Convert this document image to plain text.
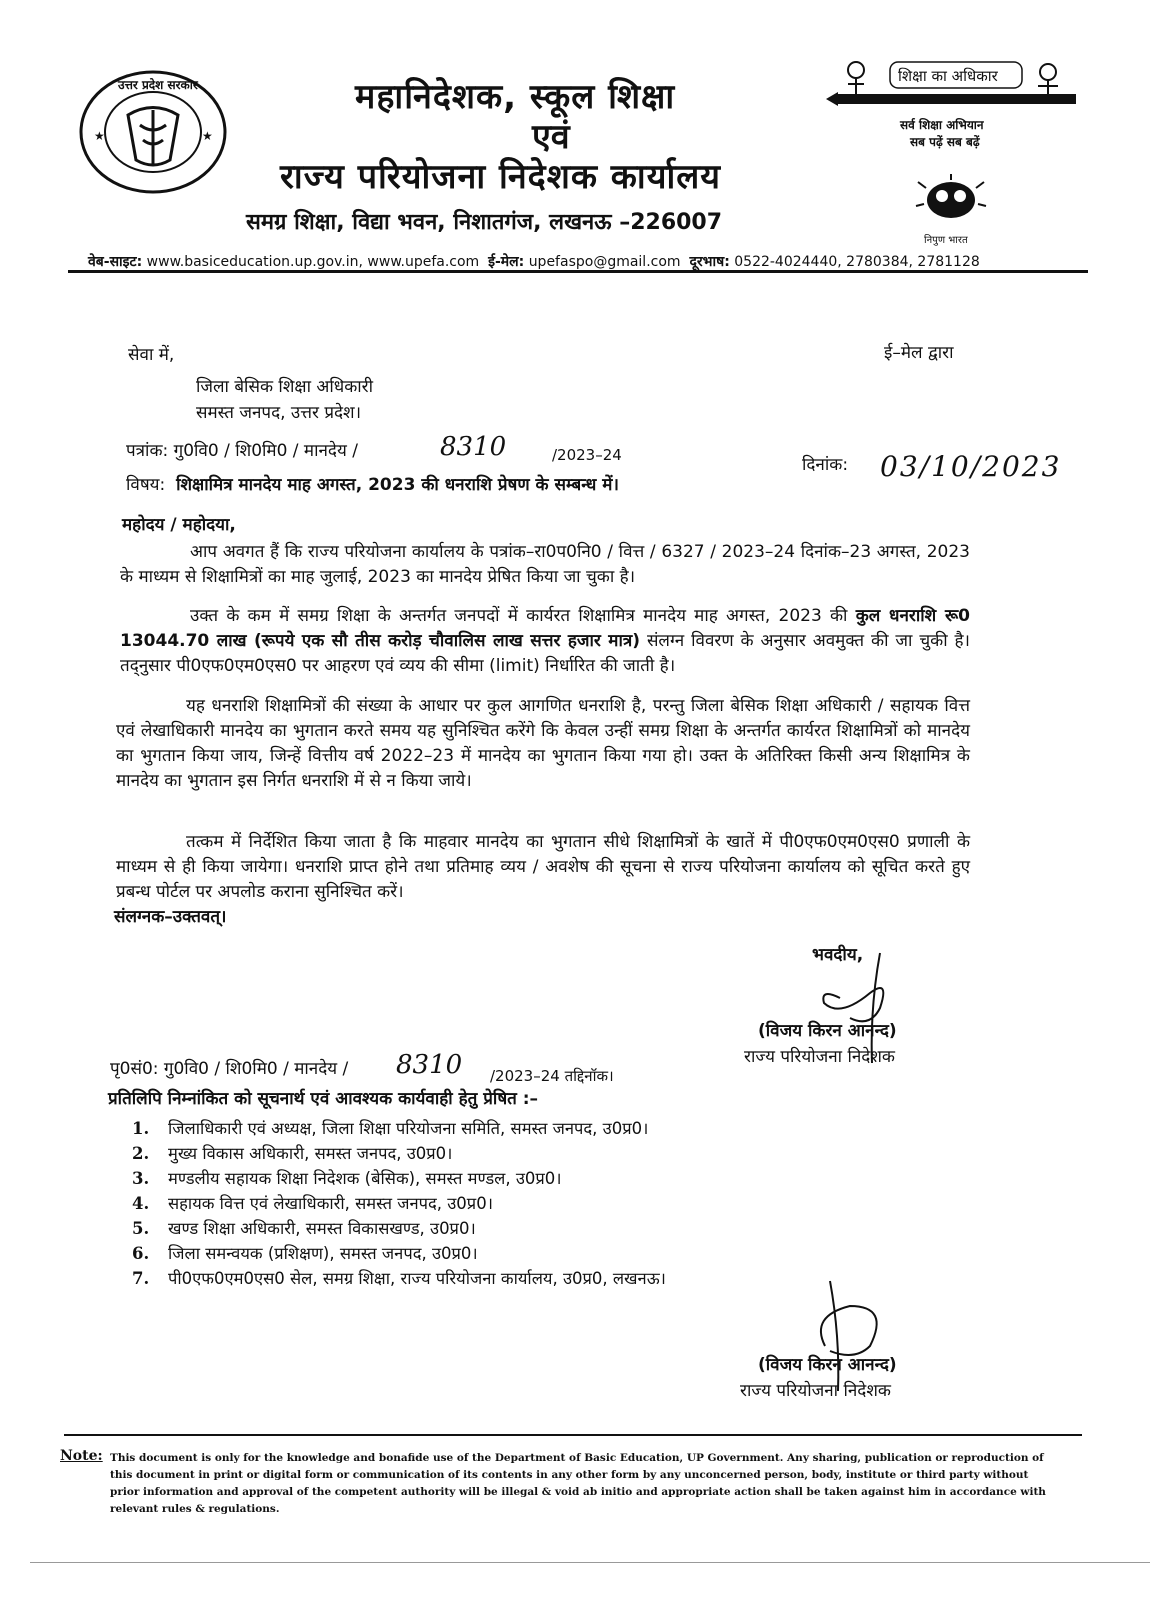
★	★
उत्तर प्रदेश सरकार	महानिदेशक, स्कूल शिक्षा
एवं
राज्य परियोजना निदेशक कार्यालय
समग्र शिक्षा, विद्या भवन, निशातगंज, लखनऊ –226007
शिक्षा का अधिकार
सर्व शिक्षा अभियान
सब पढ़ें सब बढ़ें
निपुण भारत
वेब-साइट: www.basiceducation.up.gov.in, www.upefa.com ई-मेल: upefaspo@gmail.com दूरभाष: 0522-4024440, 2780384, 2781128
सेवा में,	ई–मेल द्वारा
जिला बेसिक शिक्षा अधिकारी
समस्त जनपद, उत्तर प्रदेश।
पत्रांक: गु0वि0 / शि0मि0 / मानदेय /	8310	/2023–24	दिनांक: 03/10/2023
विषय: शिक्षामित्र मानदेय माह अगस्त, 2023 की धनराशि प्रेषण के सम्बन्ध में।
महोदय / महोदया,
आप अवगत हैं कि राज्य परियोजना कार्यालय के पत्रांक–रा0प0नि0 / वित्त / 6327 / 2023–24 दिनांक–23 अगस्त, 2023 के माध्यम से शिक्षामित्रों का माह जुलाई, 2023 का मानदेय प्रेषित किया जा चुका है।
उक्त के कम में समग्र शिक्षा के अन्तर्गत जनपदों में कार्यरत शिक्षामित्र मानदेय माह अगस्त, 2023 की कुल धनराशि रू0 13044.70 लाख (रूपये एक सौ तीस करोड़ चौवालिस लाख सत्तर हजार मात्र) संलग्न विवरण के अनुसार अवमुक्त की जा चुकी है। तद्नुसार पी0एफ0एम0एस0 पर आहरण एवं व्यय की सीमा (limit) निर्धारित की जाती है।
यह धनराशि शिक्षामित्रों की संख्या के आधार पर कुल आगणित धनराशि है, परन्तु जिला बेसिक शिक्षा अधिकारी / सहायक वित्त एवं लेखाधिकारी मानदेय का भुगतान करते समय यह सुनिश्चित करेंगे कि केवल उन्हीं समग्र शिक्षा के अन्तर्गत कार्यरत शिक्षामित्रों को मानदेय का भुगतान किया जाय, जिन्हें वित्तीय वर्ष 2022–23 में मानदेय का भुगतान किया गया हो। उक्त के अतिरिक्त किसी अन्य शिक्षामित्र के मानदेय का भुगतान इस निर्गत धनराशि में से न किया जाये।
तत्कम में निर्देशित किया जाता है कि माहवार मानदेय का भुगतान सीधे शिक्षामित्रों के खातें में पी0एफ0एम0एस0 प्रणाली के माध्यम से ही किया जायेगा। धनराशि प्राप्त होने तथा प्रतिमाह व्यय / अवशेष की सूचना से राज्य परियोजना कार्यालय को सूचित करते हुए प्रबन्ध पोर्टल पर अपलोड कराना सुनिश्चित करें।
संलग्नक–उक्तवत्।
भवदीय,
(विजय किरन आनन्द)
राज्य परियोजना निदेशक
पृ0सं0: गु0वि0 / शि0मि0 / मानदेय / 8310 /2023–24 तद्दिनॉक।
प्रतिलिपि निम्नांकित को सूचनार्थ एवं आवश्यक कार्यवाही हेतु प्रेषित :–
1. जिलाधिकारी एवं अध्यक्ष, जिला शिक्षा परियोजना समिति, समस्त जनपद, उ0प्र0।
2. मुख्य विकास अधिकारी, समस्त जनपद, उ0प्र0।
3. मण्डलीय सहायक शिक्षा निदेशक (बेसिक), समस्त मण्डल, उ0प्र0।
4. सहायक वित्त एवं लेखाधिकारी, समस्त जनपद, उ0प्र0।
5. खण्ड शिक्षा अधिकारी, समस्त विकासखण्ड, उ0प्र0।
6. जिला समन्वयक (प्रशिक्षण), समस्त जनपद, उ0प्र0।
7. पी0एफ0एम0एस0 सेल, समग्र शिक्षा, राज्य परियोजना कार्यालय, उ0प्र0, लखनऊ।
(विजय किरन आनन्द)
राज्य परियोजना निदेशक
Note: This document is only for the knowledge and bonafide use of the Department of Basic Education, UP Government. Any sharing, publication or reproduction of this document in print or digital form or communication of its contents in any other form by any unconcerned person, body, institute or third party without prior information and approval of the competent authority will be illegal & void ab initio and appropriate action shall be taken against him in accordance with relevant rules & regulations.
